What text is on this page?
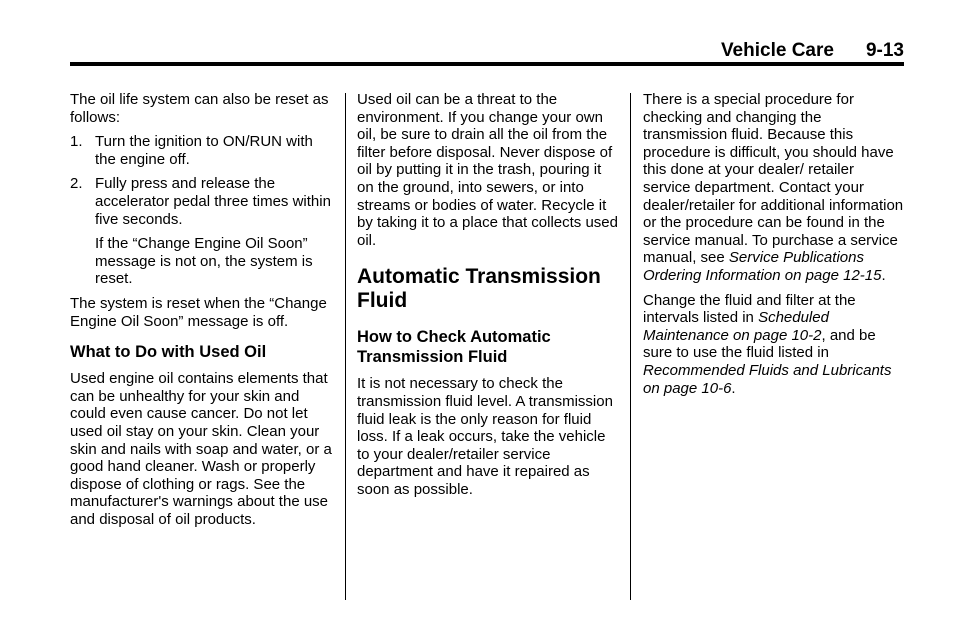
Vehicle Care 9-13

The oil life system can also be reset as follows:

1. Turn the ignition to ON/RUN with the engine off.
2. Fully press and release the accelerator pedal three times within five seconds.

If the “Change Engine Oil Soon” message is not on, the system is reset.

The system is reset when the “Change Engine Oil Soon” message is off.

What to Do with Used Oil

Used engine oil contains elements that can be unhealthy for your skin and could even cause cancer. Do not let used oil stay on your skin. Clean your skin and nails with soap and water, or a good hand cleaner. Wash or properly dispose of clothing or rags. See the manufacturer's warnings about the use and disposal of oil products.

Used oil can be a threat to the environment. If you change your own oil, be sure to drain all the oil from the filter before disposal. Never dispose of oil by putting it in the trash, pouring it on the ground, into sewers, or into streams or bodies of water. Recycle it by taking it to a place that collects used oil.

Automatic Transmission Fluid
How to Check Automatic Transmission Fluid

It is not necessary to check the transmission fluid level. A transmission fluid leak is the only reason for fluid loss. If a leak occurs, take the vehicle to your dealer/retailer service department and have it repaired as soon as possible.

There is a special procedure for checking and changing the transmission fluid. Because this procedure is difficult, you should have this done at your dealer/ retailer service department. Contact your dealer/retailer for additional information or the procedure can be found in the service manual. To purchase a service manual, see Service Publications Ordering Information on page 12-15.

Change the fluid and filter at the intervals listed in Scheduled Maintenance on page 10-2, and be sure to use the fluid listed in Recommended Fluids and Lubricants on page 10-6.
